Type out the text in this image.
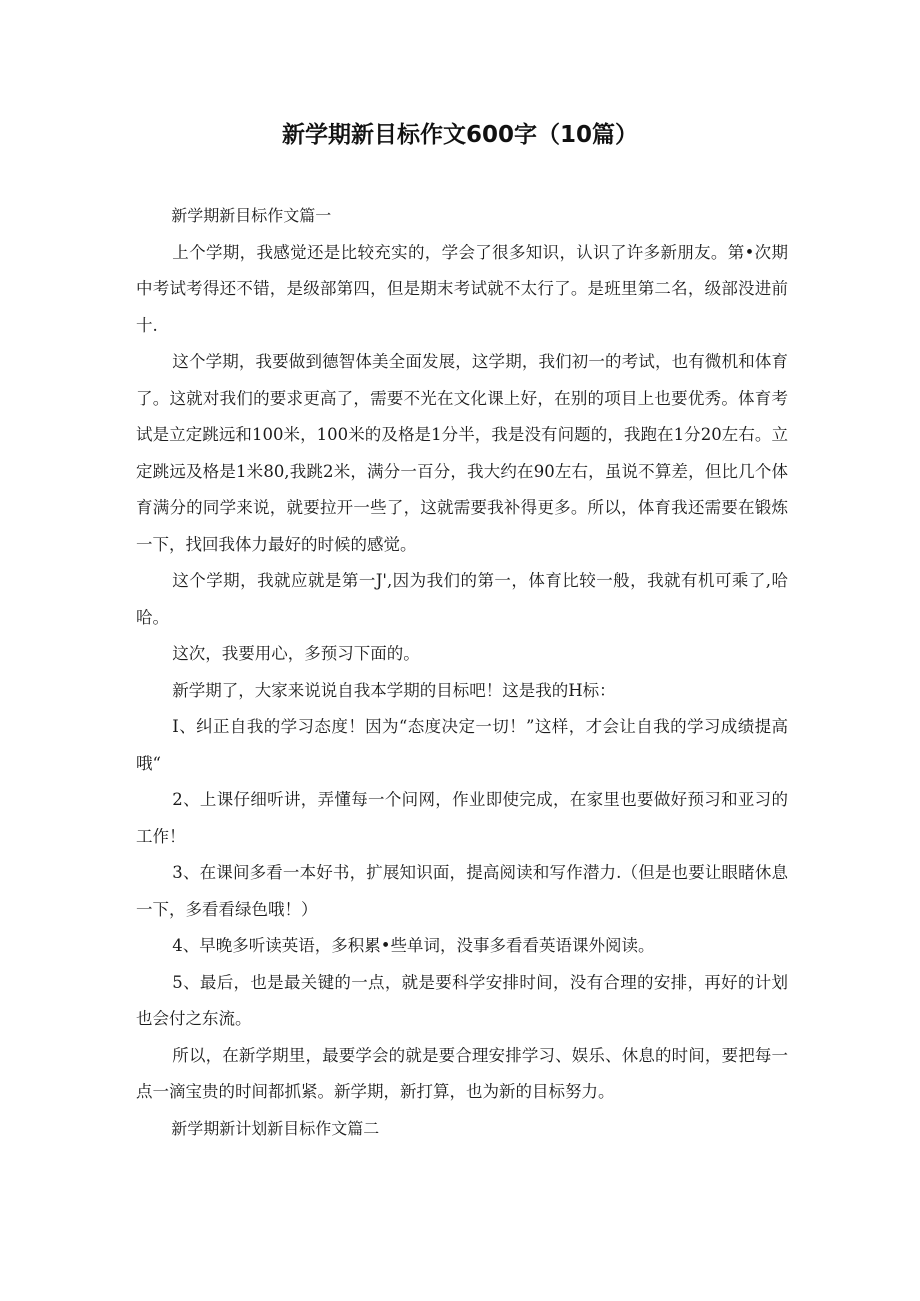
新学期新目标作文600字（10篇）

新学期新目标作文篇一

上个学期，我感觉还是比较充实的，学会了很多知识，认识了许多新朋友。第•次期中考试考得还不错，是级部第四，但是期末考试就不太行了。是班里第二名，级部没进前十.

这个学期，我要做到德智体美全面发展，这学期，我们初一的考试，也有微机和体育了。这就对我们的要求更高了，需要不光在文化课上好，在别的项目上也要优秀。体育考试是立定跳远和100米，100米的及格是1分半，我是没有问题的，我跑在1分20左右。立定跳远及格是1米80,我跳2米，满分一百分，我大约在90左右，虽说不算差，但比几个体育满分的同学来说，就要拉开一些了，这就需要我补得更多。所以，体育我还需要在锻炼一下，找回我体力最好的时候的感觉。

这个学期，我就应就是第一J',因为我们的第一，体育比较一般，我就有机可乘了,哈哈。

这次，我要用心，多预习下面的。

新学期了，大家来说说自我本学期的目标吧！这是我的H标：

I、纠正自我的学习态度！因为“态度决定一切！”这样，才会让自我的学习成绩提高哦“

2、上课仔细听讲，弄懂每一个问网，作业即使完成，在家里也要做好预习和亚习的工作！

3、在课间多看一本好书，扩展知识面，提高阅读和写作潜力.（但是也要让眼睹休息一下，多看看绿色哦！）

4、早晚多听读英语，多积累•些单词，没事多看看英语课外阅读。

5、最后，也是最关键的一点，就是要科学安排时间，没有合理的安排，再好的计划也会付之东流。

所以，在新学期里，最要学会的就是要合理安排学习、娱乐、休息的时间，要把每一点一滴宝贵的时间都抓紧。新学期，新打算，也为新的目标努力。

新学期新计划新目标作文篇二
